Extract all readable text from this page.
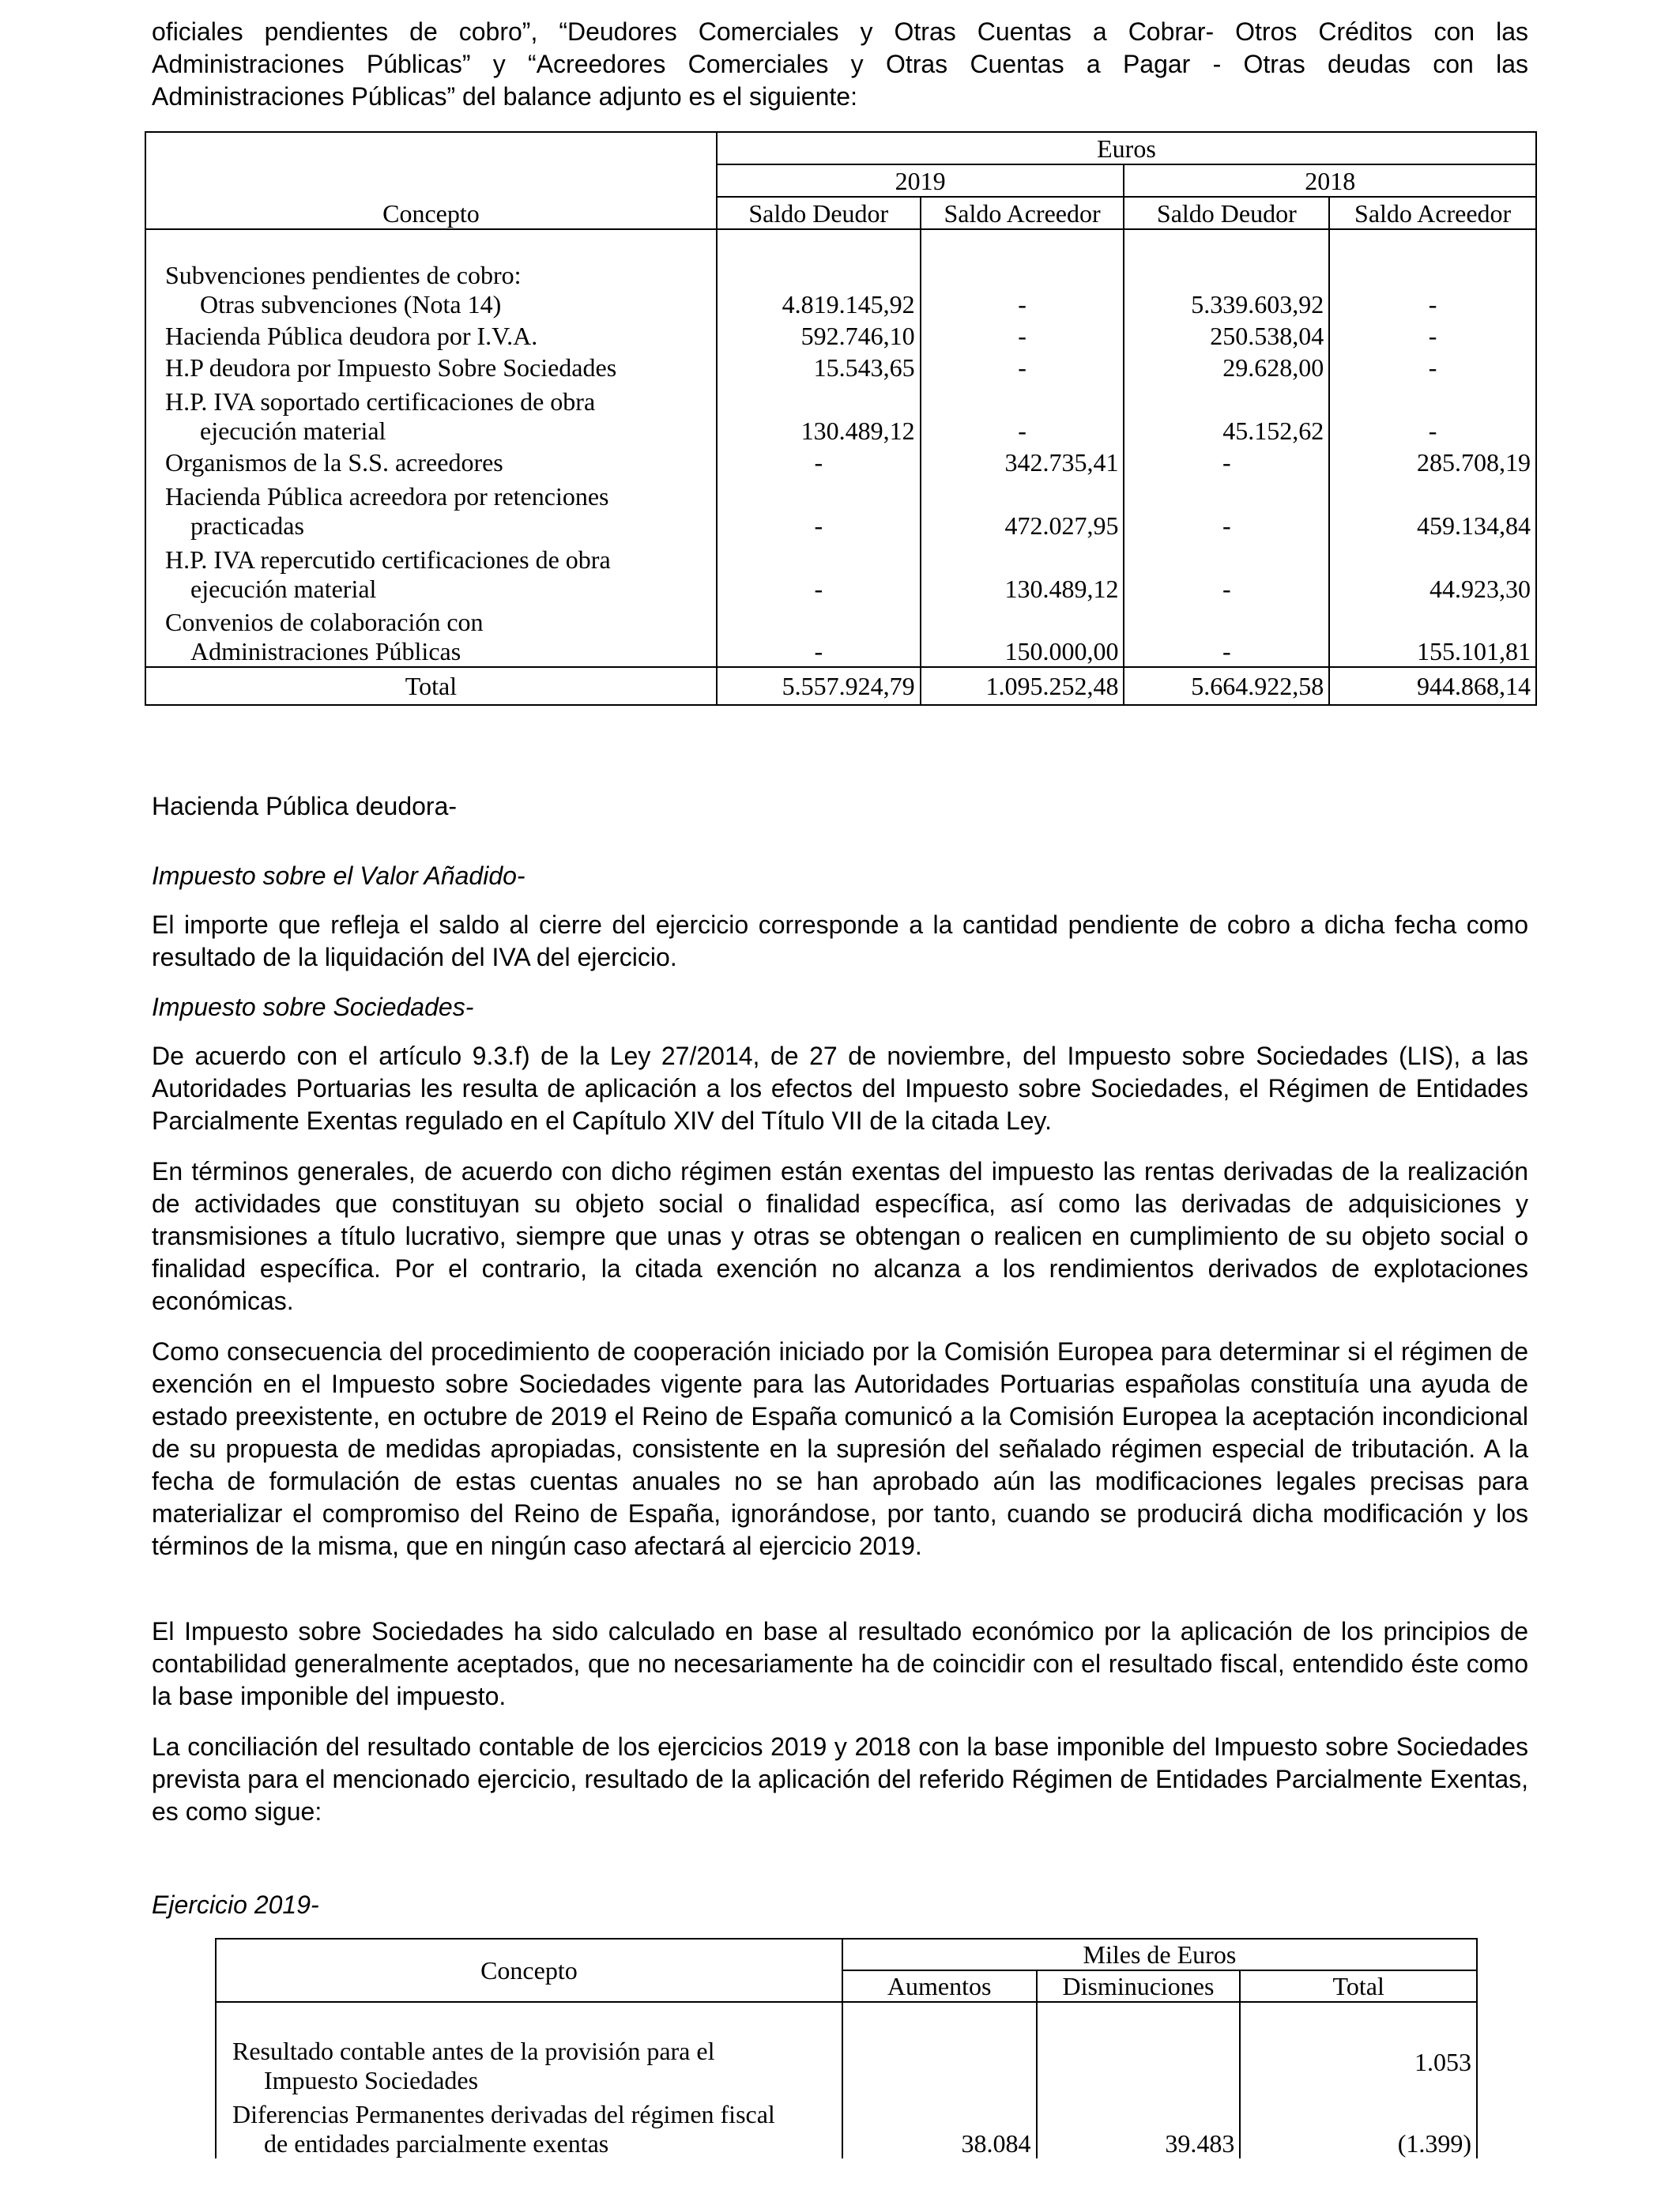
oficiales pendientes de cobro”, “Deudores Comerciales y Otras Cuentas a Cobrar- Otros Créditos con las

Administraciones Públicas” y “Acreedores Comerciales y Otras Cuentas a Pagar - Otras deudas con las

Administraciones Públicas” del balance adjunto es el siguiente:

Concepto	Euros			
	2019		2018	
	Saldo Deudor	Saldo Acreedor	Saldo Deudor	Saldo Acreedor

Subvenciones pendientes de cobro:
Otras subvenciones (Nota 14)	4.819.145,92	-	5.339.603,92	-
Hacienda Pública deudora por I.V.A.	592.746,10	-	250.538,04	-
H.P deudora por Impuesto Sobre Sociedades	15.543,65	-	29.628,00	-

H.P. IVA soportado certificaciones de obra
ejecución material	130.489,12	-	45.152,62	-
Organismos de la S.S. acreedores	-	342.735,41	-	285.708,19

Hacienda Pública acreedora por retenciones
practicadas	-	472.027,95	-	459.134,84

H.P. IVA repercutido certificaciones de obra
ejecución material	-	130.489,12	-	44.923,30

Convenios de colaboración con
Administraciones Públicas	-	150.000,00	-	155.101,81
Total	5.557.924,79	1.095.252,48	5.664.922,58	944.868,14

Hacienda Pública deudora-

Impuesto sobre el Valor Añadido-

El importe que refleja el saldo al cierre del ejercicio corresponde a la cantidad pendiente de cobro a dicha fecha como resultado de la liquidación del IVA del ejercicio.

Impuesto sobre Sociedades-

De acuerdo con el artículo 9.3.f) de la Ley 27/2014, de 27 de noviembre, del Impuesto sobre Sociedades (LIS), a las Autoridades Portuarias les resulta de aplicación a los efectos del Impuesto sobre Sociedades, el Régimen de Entidades Parcialmente Exentas regulado en el Capítulo XIV del Título VII de la citada Ley.

En términos generales, de acuerdo con dicho régimen están exentas del impuesto las rentas derivadas de la realización de actividades que constituyan su objeto social o finalidad específica, así como las derivadas de adquisiciones y transmisiones a título lucrativo, siempre que unas y otras se obtengan o realicen en cumplimiento de su objeto social o finalidad específica. Por el contrario, la citada exención no alcanza a los rendimientos derivados de explotaciones económicas.

Como consecuencia del procedimiento de cooperación iniciado por la Comisión Europea para determinar si el régimen de exención en el Impuesto sobre Sociedades vigente para las Autoridades Portuarias españolas constituía una ayuda de estado preexistente, en octubre de 2019 el Reino de España comunicó a la Comisión Europea la aceptación incondicional de su propuesta de medidas apropiadas, consistente en la supresión del señalado régimen especial de tributación. A la fecha de formulación de estas cuentas anuales no se han aprobado aún las modificaciones legales precisas para materializar el compromiso del Reino de España, ignorándose, por tanto, cuando se producirá dicha modificación y los términos de la misma, que en ningún caso afectará al ejercicio 2019.

El Impuesto sobre Sociedades ha sido calculado en base al resultado económico por la aplicación de los principios de contabilidad generalmente aceptados, que no necesariamente ha de coincidir con el resultado fiscal, entendido éste como la base imponible del impuesto.

La conciliación del resultado contable de los ejercicios 2019 y 2018 con la base imponible del Impuesto sobre Sociedades prevista para el mencionado ejercicio, resultado de la aplicación del referido Régimen de Entidades Parcialmente Exentas, es como sigue:

Ejercicio 2019-

Concepto	Miles de Euros		
	Aumentos	Disminuciones	Total

Resultado contable antes de la provisión para el
Impuesto Sociedades			1.053

Diferencias Permanentes derivadas del régimen fiscal
de entidades parcialmente exentas	38.084	39.483	(1.399)
